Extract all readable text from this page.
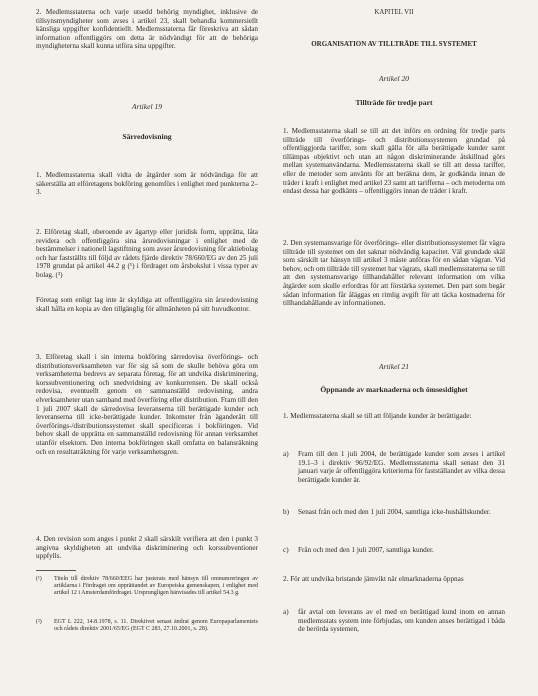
2. Medlemsstaterna och varje utsedd behörig myndighet, inklusive de tillsynsmyndigheter som avses i artikel 23, skall behandla kommersiellt känsliga uppgifter konfidentiellt. Medlemsstaterna får föreskriva att sådan information offentliggörs om detta är nödvändigt för att de behöriga myndigheterna skall kunna utföra sina uppgifter.

Artikel 19
Särredovisning

1. Medlemsstaterna skall vidta de åtgärder som är nödvändiga för att säkerställa att elföretagens bokföring genomförs i enlighet med punkterna 2–3.

2. Elföretag skall, oberoende av ägartyp eller juridisk form, upprätta, låta revidera och offentliggöra sina årsredovisningar i enlighet med de bestämmelser i nationell lagstiftning som avser årsredovisning för aktiebolag och har fastställts till följd av rådets fjärde direktiv 78/660/EG av den 25 juli 1978 grundat på artikel 44.2 g (¹) i fördraget om årsbokslut i vissa typer av bolag. (²)

Företag som enligt lag inte är skyldiga att offentliggöra sin årsredovisning skall hålla en kopia av den tillgänglig för allmänheten på sitt huvudkontor.

3. Elföretag skall i sin interna bokföring särredovisa överförings- och distributionsverksamheten var för sig så som de skulle behöva göra om verksamheterna bedrevs av separata företag, för att undvika diskriminering, korssubventionering och snedvridning av konkurrensen. De skall också redovisa, eventuellt genom en sammanställd redovisning, andra elverksamheter utan samband med överföring eller distribution. Fram till den 1 juli 2007 skall de särredovisa leveranserna till berättigade kunder och leveranserna till icke-berättigade kunder. Inkomster från äganderätt till överförings-/distributionssystemet skall specificeras i bokföringen. Vid behov skall de upprätta en sammanställd redovisning för annan verksamhet utanför elsektorn. Den interna bokföringen skall omfatta en balansräkning och en resultaträkning för varje verksamhetsgren.

4. Den revision som anges i punkt 2 skall särskilt verifiera att den i punkt 3 angivna skyldigheten att undvika diskriminering och korssubventioner uppfylls.

(¹)	Titeln till direktiv 78/660/EEG har justerats med hänsyn till omnumreringen av artiklarna i Fördraget om upprättandet av Europeiska gemenskapen, i enlighet med artikel 12 i Amsterdamfördraget. Ursprungligen hänvisades till artikel 54.3 g.
(²)	EGT L 222, 14.8.1978, s. 11. Direktivet senast ändrat genom Europaparlamentets och rådets direktiv 2001/65/EG (EGT C 283, 27.10.2001, s. 28).
KAPITEL VII
ORGANISATION AV TILLTRÄDE TILL SYSTEMET
Artikel 20
Tillträde för tredje part

1. Medlemsstaterna skall se till att det införs en ordning för tredje parts tillträde till överförings- och distributionssystemen grundad på offentliggjorda tariffer, som skall gälla för alla berättigade kunder samt tillämpas objektivt och utan att någon diskriminerande åtskillnad görs mellan systemanvändarna. Medlemsstaterna skall se till att dessa tariffer, eller de metoder som använts för att beräkna dem, är godkända innan de träder i kraft i enlighet med artikel 23 samt att tarifferna – och metoderna om endast dessa har godkänts – offentliggörs innan de träder i kraft.

2. Den systemansvarige för överförings- eller distributionssystemet får vägra tillträde till systemet om det saknar nödvändig kapacitet. Väl grundade skäl som särskilt tar hänsyn till artikel 3 måste anföras för en sådan vägran. Vid behov, och om tillträde till systemet har vägrats, skall medlemsstaterna se till att den systemansvarige tillhandahåller relevant information om vilka åtgärder som skulle erfordras för att förstärka systemet. Den part som begär sådan information får åläggas en rimlig avgift för att täcka kostnaderna för tillhandahållande av informationen.

Artikel 21
Öppnande av marknaderna och ömsesidighet

1. Medlemsstaterna skall se till att följande kunder är berättigade:

a)	Fram till den 1 juli 2004, de berättigade kunder som avses i artikel 19.1–3 i direktiv 96/92/EG. Medlemsstaterna skall senast den 31 januari varje år offentliggöra kriterierna för fastställandet av vilka dessa berättigade kunder är.
b)	Senast från och med den 1 juli 2004, samtliga icke-hushållskunder.
c)	Från och med den 1 juli 2007, samtliga kunder.

2. För att undvika bristande jämvikt när elmarknaderna öppnas

a)	får avtal om leverans av el med en berättigad kund inom en annan medlemsstats system inte förbjudas, om kunden anses berättigad i båda de berörda systemen,
